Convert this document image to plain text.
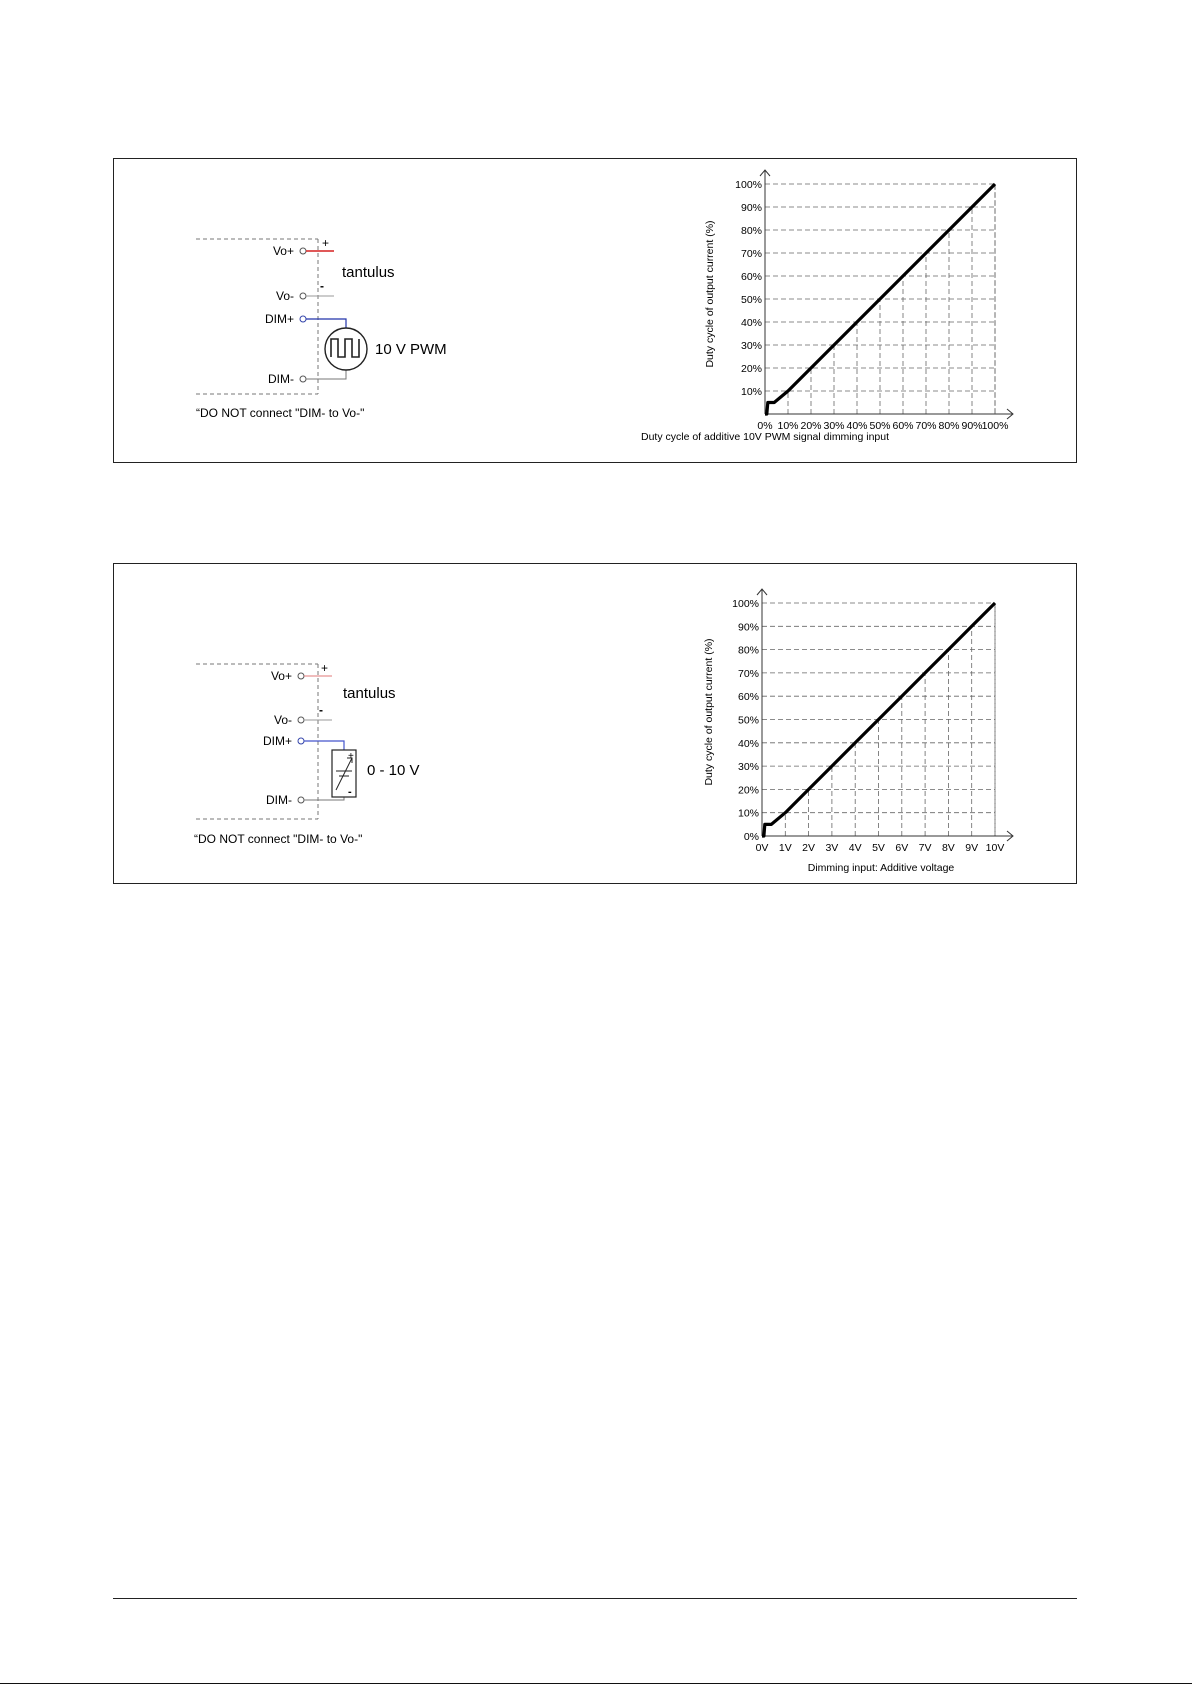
Vo+
+
Vo-
-
tantulus
DIM+
DIM-
10 V PWM
“DO NOT connect "DIM- to Vo-"
10%
20%
30%
40%
50%
60%
70%
80%
90%
100%
0% 10% 20% 30% 40% 50% 60% 70% 80% 90% 100%
Duty cycle of additive 10V PWM signal dimming input
Duty cycle of output current (%)
Vo+
+
Vo-
-
tantulus
DIM+
DIM-
+
-
0 - 10 V
“DO NOT connect "DIM- to Vo-"	0%
10%
20%
30%
40%
50%
60%
70%
80%
90%
100%
0V 1V 2V 3V 4V 5V 6V 7V 8V 9V 10V
Dimming input: Additive voltage
Duty cycle of output current (%)
